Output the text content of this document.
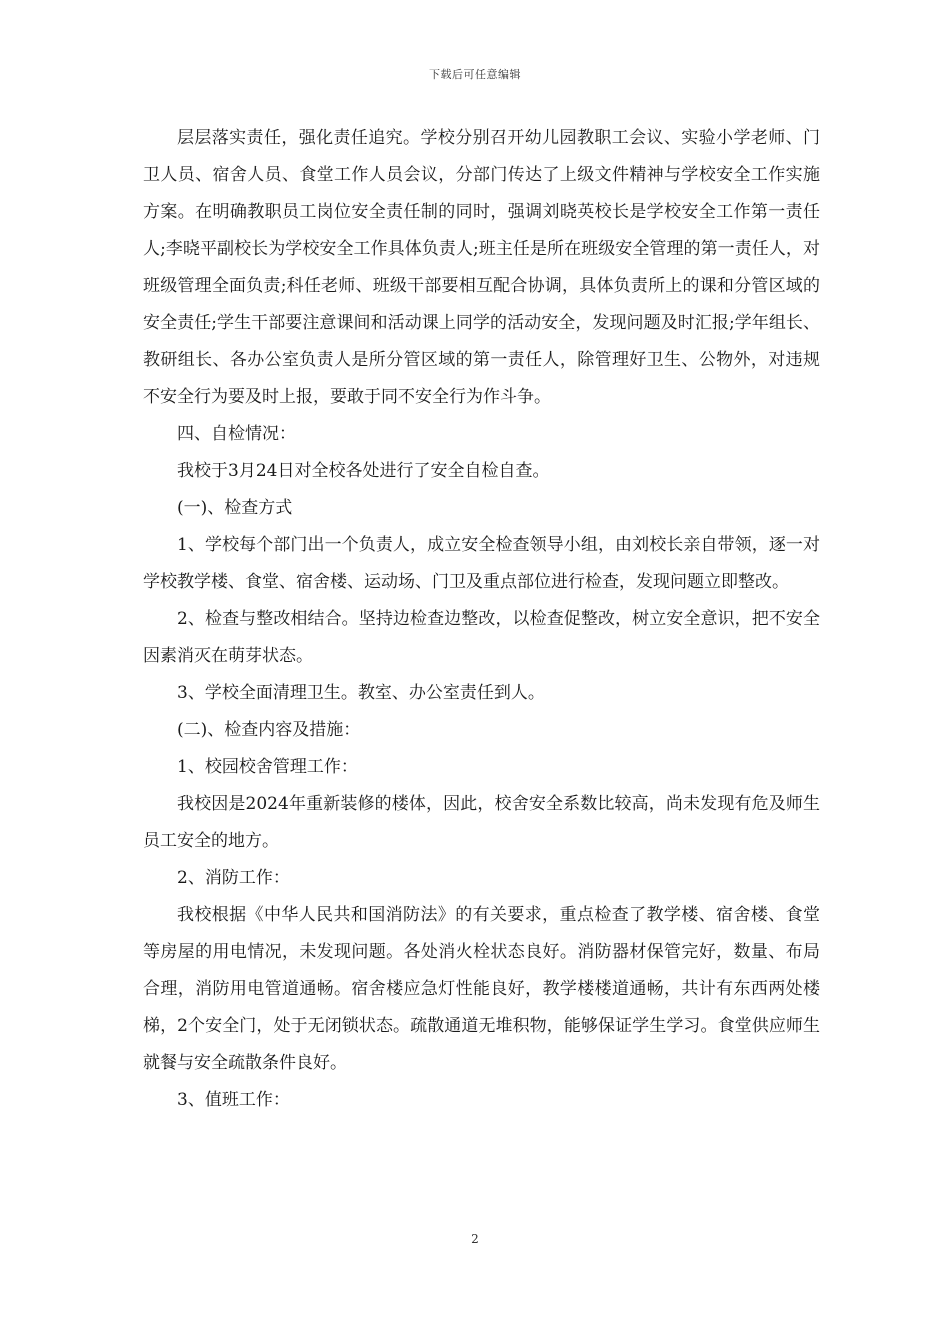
下载后可任意编辑

层层落实责任，强化责任追究。学校分别召开幼儿园教职工会议、实验小学老师、门卫人员、宿舍人员、食堂工作人员会议，分部门传达了上级文件精神与学校安全工作实施方案。在明确教职员工岗位安全责任制的同时，强调刘晓英校长是学校安全工作第一责任人;李晓平副校长为学校安全工作具体负责人;班主任是所在班级安全管理的第一责任人，对班级管理全面负责;科任老师、班级干部要相互配合协调，具体负责所上的课和分管区域的安全责任;学生干部要注意课间和活动课上同学的活动安全，发现问题及时汇报;学年组长、教研组长、各办公室负责人是所分管区域的第一责任人，除管理好卫生、公物外，对违规不安全行为要及时上报，要敢于同不安全行为作斗争。

四、自检情况：

我校于3月24日对全校各处进行了安全自检自查。

(一)、检查方式

1、学校每个部门出一个负责人，成立安全检查领导小组，由刘校长亲自带领，逐一对学校教学楼、食堂、宿舍楼、运动场、门卫及重点部位进行检查，发现问题立即整改。

2、检查与整改相结合。坚持边检查边整改，以检查促整改，树立安全意识，把不安全因素消灭在萌芽状态。

3、学校全面清理卫生。教室、办公室责任到人。

(二)、检查内容及措施：

1、校园校舍管理工作：

我校因是2024年重新装修的楼体，因此，校舍安全系数比较高，尚未发现有危及师生员工安全的地方。

2、消防工作：

我校根据《中华人民共和国消防法》的有关要求，重点检查了教学楼、宿舍楼、食堂等房屋的用电情况，未发现问题。各处消火栓状态良好。消防器材保管完好，数量、布局合理，消防用电管道通畅。宿舍楼应急灯性能良好，教学楼楼道通畅，共计有东西两处楼梯，2个安全门，处于无闭锁状态。疏散通道无堆积物，能够保证学生学习。食堂供应师生就餐与安全疏散条件良好。

3、值班工作：

2
